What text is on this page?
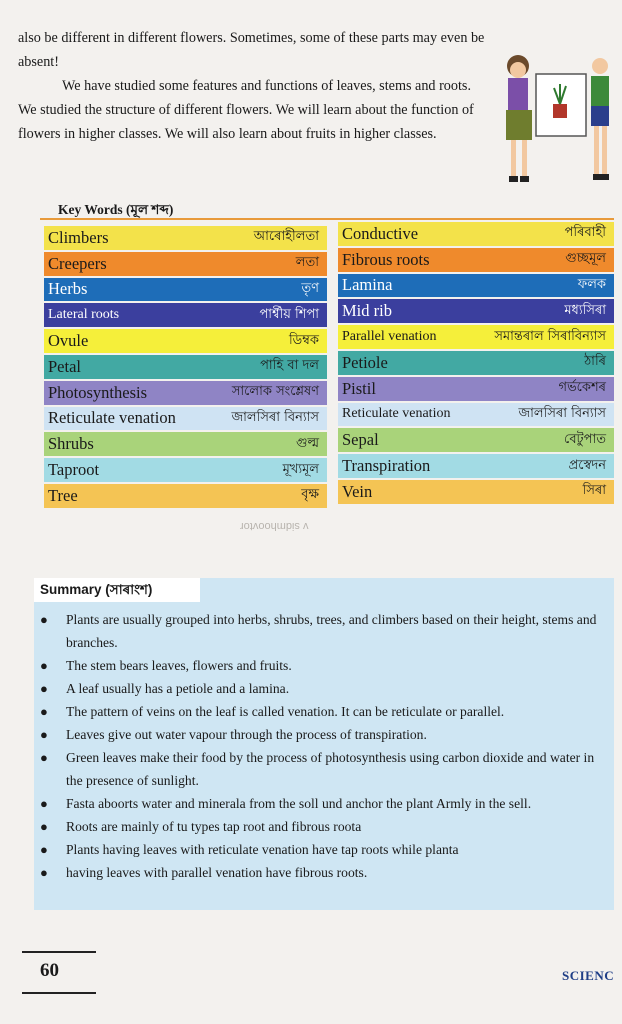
also be different in different flowers. Sometimes, some of these parts may even be absent!

We have studied some features and functions of leaves, stems and roots. We studied the structure of different flowers. We will learn about the function of flowers in higher classes. We will also learn about fruits in higher classes.

Key Words (মূল শব্দ)
Climbers	আৰোহীলতা
Creepers	লতা
Herbs	তৃণ
Lateral roots	পাৰ্শ্বীয় শিপা
Ovule	ডিম্বক
Petal	পাহি বা দল
Photosynthesis	সালোক সংশ্লেষণ
Reticulate venation	জালসিৰা বিন্যাস
Shrubs	গুল্ম
Taproot	মূখ্যমূল
Tree	বৃক্ষ
Conductive	পৰিবাহী
Fibrous roots	গুচ্ছমূল
Lamina	ফলক
Mid rib	মধ্যসিৰা
Parallel venation	সমান্তৰাল সিৰাবিন্যাস
Petiole	ঠাৰি
Pistil	গৰ্ভকেশৰ
Reticulate venation	জালসিৰা বিন্যাস
Sepal	বেটুপাত
Transpiration	প্ৰস্বেদন
Vein	সিৰা
v sidmhoovtor
Summary (সাৰাংশ)
● Plants are usually grouped into herbs, shrubs, trees, and climbers based on their height, stems and branches.
● The stem bears leaves, flowers and fruits.
● A leaf usually has a petiole and a lamina.
● The pattern of veins on the leaf is called venation. It can be reticulate or parallel.
● Leaves give out water vapour through the process of transpiration.
● Green leaves make their food by the process of photosynthesis using carbon dioxide and water in the presence of sunlight.
● Fasta aboorts water and minerala from the soll und anchor the plant Armly in the sell.
● Roots are mainly of tu types tap root and fibrous roota
● Plants having leaves with reticulate venation have tap roots while planta
● having leaves with parallel venation have fibrous roots.
60	SCIENC
